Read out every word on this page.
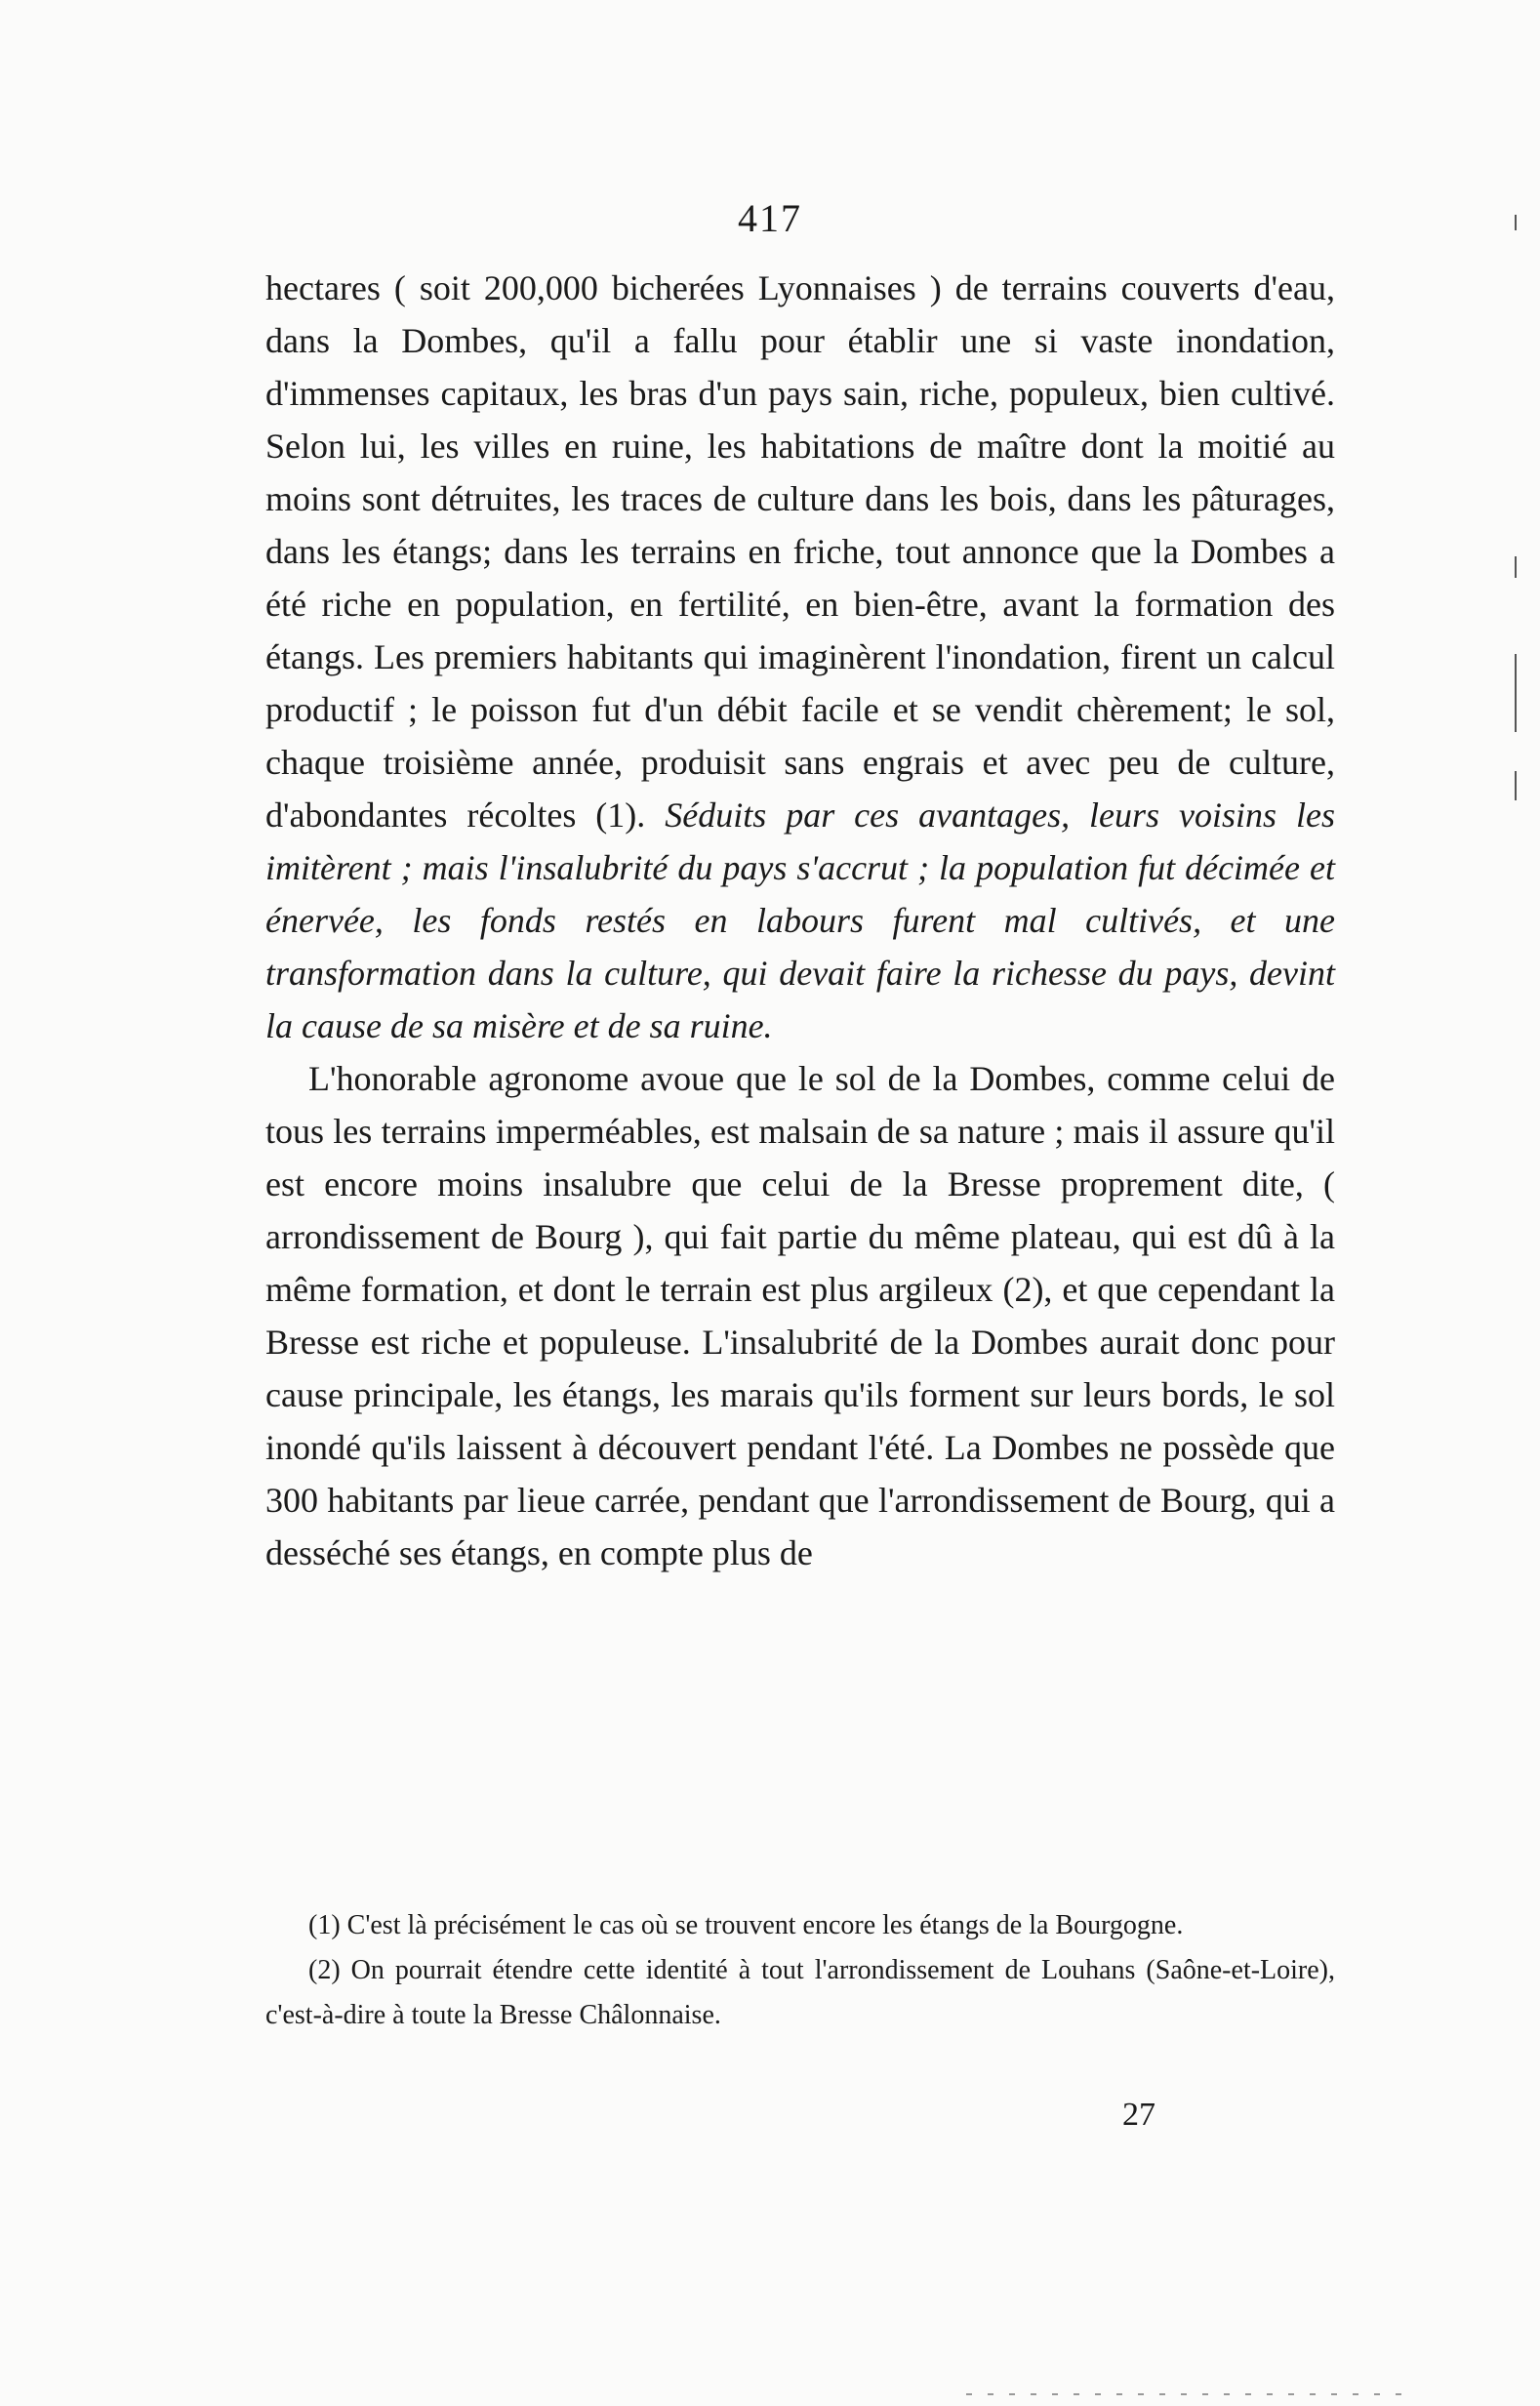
417

hectares ( soit 200,000 bicherées Lyonnaises ) de terrains couverts d'eau, dans la Dombes, qu'il a fallu pour établir une si vaste inondation, d'immenses capitaux, les bras d'un pays sain, riche, populeux, bien cultivé. Selon lui, les villes en ruine, les habitations de maître dont la moitié au moins sont détruites, les traces de culture dans les bois, dans les pâturages, dans les étangs; dans les terrains en friche, tout annonce que la Dombes a été riche en population, en fertilité, en bien-être, avant la formation des étangs. Les premiers habitants qui imaginèrent l'inondation, firent un calcul productif ; le poisson fut d'un débit facile et se vendit chèrement; le sol, chaque troisième année, produisit sans engrais et avec peu de culture, d'abondantes récoltes (1). Séduits par ces avantages, leurs voisins les imitèrent ; mais l'insalubrité du pays s'accrut ; la population fut décimée et énervée, les fonds restés en labours furent mal cultivés, et une transformation dans la culture, qui devait faire la richesse du pays, devint la cause de sa misère et de sa ruine.

L'honorable agronome avoue que le sol de la Dombes, comme celui de tous les terrains imperméables, est malsain de sa nature ; mais il assure qu'il est encore moins insalubre que celui de la Bresse proprement dite, ( arrondissement de Bourg ), qui fait partie du même plateau, qui est dû à la même formation, et dont le terrain est plus argileux (2), et que cependant la Bresse est riche et populeuse. L'insalubrité de la Dombes aurait donc pour cause principale, les étangs, les marais qu'ils forment sur leurs bords, le sol inondé qu'ils laissent à découvert pendant l'été. La Dombes ne possède que 300 habitants par lieue carrée, pendant que l'arrondissement de Bourg, qui a desséché ses étangs, en compte plus de

(1) C'est là précisément le cas où se trouvent encore les étangs de la Bourgogne.

(2) On pourrait étendre cette identité à tout l'arrondissement de Louhans (Saône-et-Loire), c'est-à-dire à toute la Bresse Châlonnaise.

27
